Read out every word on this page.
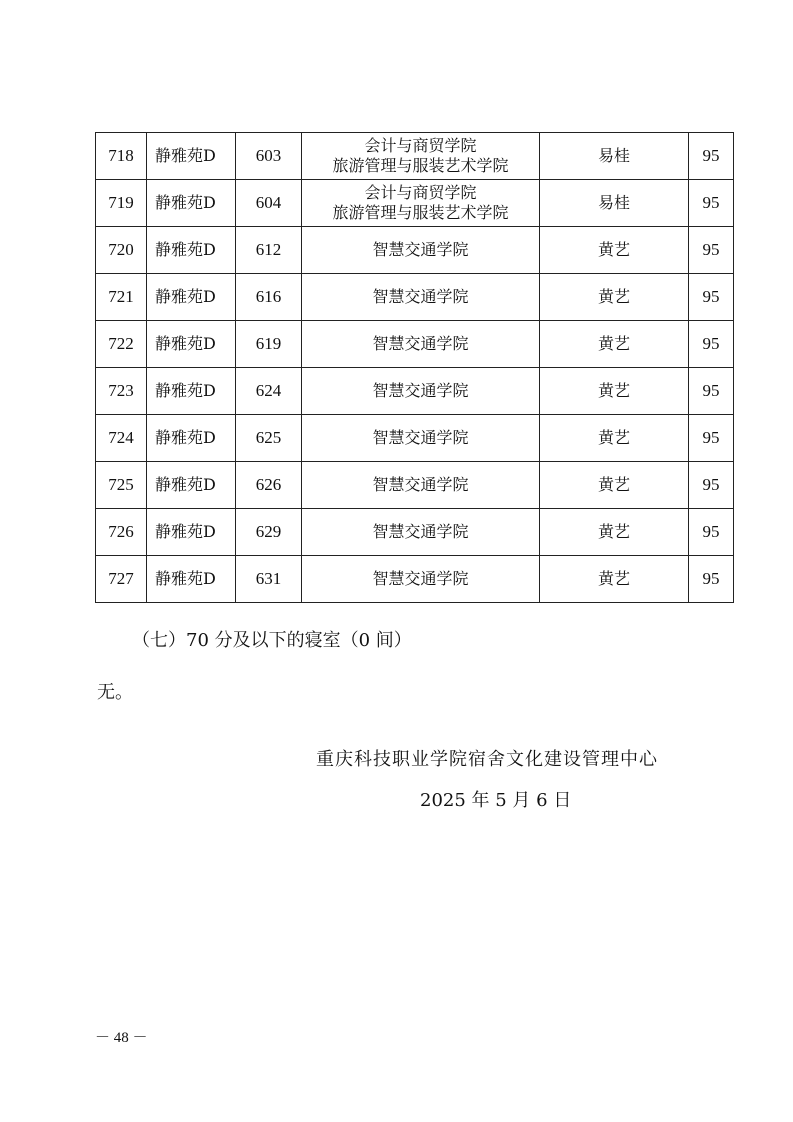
718	静雅苑D	603	会计与商贸学院
旅游管理与服装艺术学院	易桂	95
719	静雅苑D	604	会计与商贸学院
旅游管理与服装艺术学院	易桂	95
720	静雅苑D	612	智慧交通学院	黄艺	95
721	静雅苑D	616	智慧交通学院	黄艺	95
722	静雅苑D	619	智慧交通学院	黄艺	95
723	静雅苑D	624	智慧交通学院	黄艺	95
724	静雅苑D	625	智慧交通学院	黄艺	95
725	静雅苑D	626	智慧交通学院	黄艺	95
726	静雅苑D	629	智慧交通学院	黄艺	95
727	静雅苑D	631	智慧交通学院	黄艺	95
（七）70 分及以下的寝室（0 间）
无。
重庆科技职业学院宿舍文化建设管理中心
2025 年 5 月 6 日
－ 48 －
